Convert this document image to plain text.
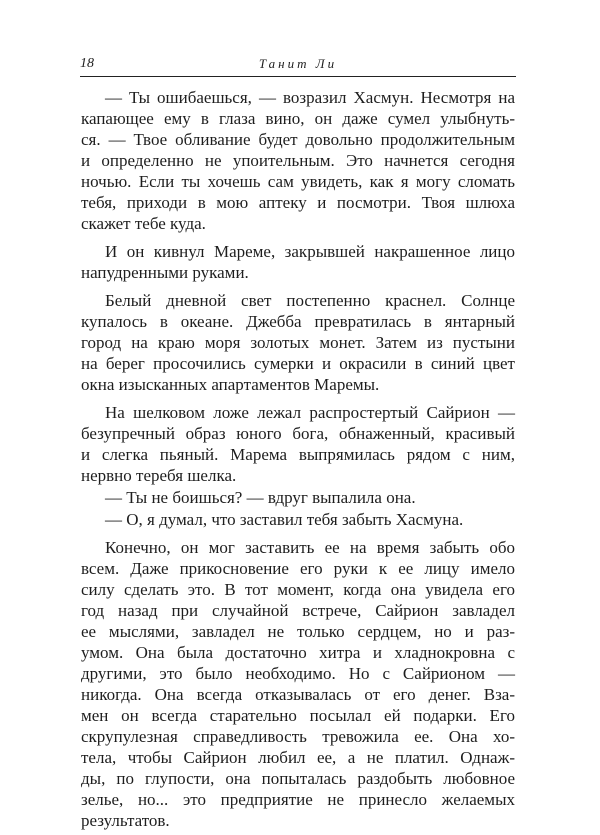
18	Танит Ли
— Ты ошибаешься, — возразил Хасмун. Несмотря на
капающее ему в глаза вино, он даже сумел улыбнуть-
ся. — Твое обливание будет довольно продолжительным
и определенно не упоительным. Это начнется сегодня
ночью. Если ты хочешь сам увидеть, как я могу сломать
тебя, приходи в мою аптеку и посмотри. Твоя шлюха
скажет тебе куда.
И он кивнул Мареме, закрывшей накрашенное лицо
напудренными руками.
Белый дневной свет постепенно краснел. Солнце
купалось в океане. Джебба превратилась в янтарный
город на краю моря золотых монет. Затем из пустыни
на берег просочились сумерки и окрасили в синий цвет
окна изысканных апартаментов Маремы.
На шелковом ложе лежал распростертый Сайрион —
безупречный образ юного бога, обнаженный, красивый
и слегка пьяный. Марема выпрямилась рядом с ним,
нервно теребя шелка.
— Ты не боишься? — вдруг выпалила она.
— О, я думал, что заставил тебя забыть Хасмуна.
Конечно, он мог заставить ее на время забыть обо
всем. Даже прикосновение его руки к ее лицу имело
силу сделать это. В тот момент, когда она увидела его
год назад при случайной встрече, Сайрион завладел
ее мыслями, завладел не только сердцем, но и раз-
умом. Она была достаточно хитра и хладнокровна с
другими, это было необходимо. Но с Сайрионом —
никогда. Она всегда отказывалась от его денег. Вза-
мен он всегда старательно посылал ей подарки. Его
скрупулезная справедливость тревожила ее. Она хо-
тела, чтобы Сайрион любил ее, а не платил. Однаж-
ды, по глупости, она попыталась раздобыть любовное
зелье, но... это предприятие не принесло желаемых
результатов.
